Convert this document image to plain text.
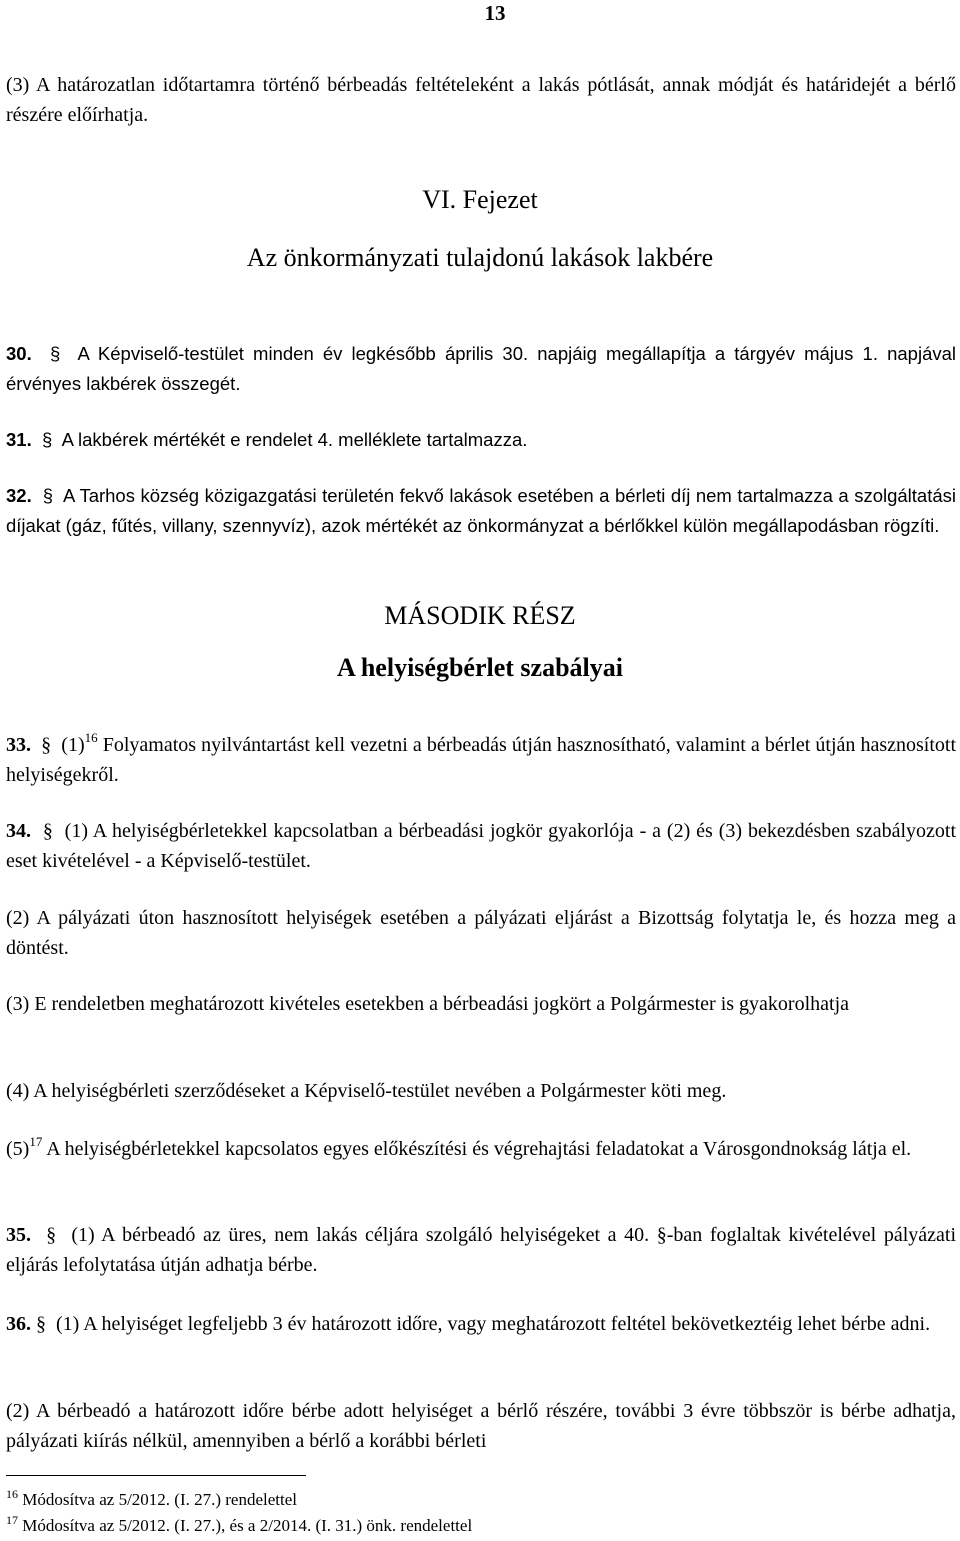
13
(3) A határozatlan időtartamra történő bérbeadás feltételeként a lakás pótlását, annak módját és határidejét a bérlő részére előírhatja.
VI. Fejezet
Az önkormányzati tulajdonú lakások lakbére
30.  §  A Képviselő-testület minden év legkésőbb április 30. napjáig megállapítja a tárgyév május 1. napjával érvényes lakbérek összegét.
31.  §  A lakbérek mértékét e rendelet 4. melléklete tartalmazza.
32.  §  A Tarhos község közigazgatási területén fekvő lakások esetében a bérleti díj nem tartalmazza a szolgáltatási díjakat (gáz, fűtés, villany, szennyvíz), azok mértékét az önkormányzat a bérlőkkel külön megállapodásban rögzíti.
MÁSODIK RÉSZ
A helyiségbérlet szabályai
33.  §  $(1)^{16}$ Folyamatos nyilvántartást kell vezetni a bérbeadás útján hasznosítható, valamint a bérlet útján hasznosított helyiségekről.
34.  §  (1) A helyiségbérletekkel kapcsolatban a bérbeadási jogkör gyakorlója - a (2) és (3) bekezdésben szabályozott eset kivételével - a Képviselő-testület.
(2) A pályázati úton hasznosított helyiségek esetében a pályázati eljárást a Bizottság folytatja le, és hozza meg a döntést.
(3) E rendeletben meghatározott kivételes esetekben a bérbeadási jogkört a Polgármester is gyakorolhatja
(4) A helyiségbérleti szerződéseket a Képviselő-testület nevében a Polgármester köti meg.
$(5)^{17}$ A helyiségbérletekkel kapcsolatos egyes előkészítési és végrehajtási feladatokat a Városgondnokság látja el.
35.  §  (1) A bérbeadó az üres, nem lakás céljára szolgáló helyiségeket a 40. §-ban foglaltak kivételével pályázati eljárás lefolytatása útján adhatja bérbe.
36. §  (1) A helyiséget legfeljebb 3 év határozott időre, vagy meghatározott feltétel bekövetkeztéig lehet bérbe adni.
(2) A bérbeadó a határozott időre bérbe adott helyiséget a bérlő részére, további 3 évre többször is bérbe adhatja, pályázati kiírás nélkül, amennyiben a bérlő a korábbi bérleti
$^{16}$ Módosítva az 5/2012. (I. 27.) rendelettel
$^{17}$ Módosítva az 5/2012. (I. 27.), és a 2/2014. (I. 31.) önk. rendelettel
